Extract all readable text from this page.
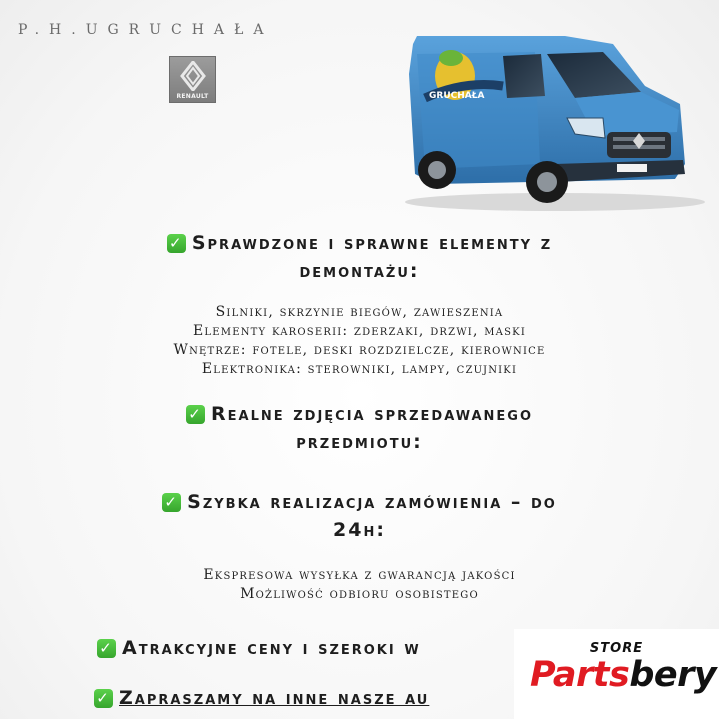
P.H.UGRUCHAŁA
RENAULT	GRUCHAŁA
✓ Sprawdzone i sprawne elementy z
demontażu:
Silniki, skrzynie biegów, zawieszenia
Elementy karoserii: zderzaki, drzwi, maski
Wnętrze: fotele, deski rozdzielcze, kierownice
Elektronika: sterowniki, lampy, czujniki
✓ Realne zdjęcia sprzedawanego
przedmiotu:
✓ Szybka realizacja zamówienia – do
24h:
Ekspresowa wysyłka z gwarancją jakości
Możliwość odbioru osobistego
✓ Atrakcyjne ceny i szeroki w
✓ Zapraszamy na inne nasze au
STORE
Partsbery
